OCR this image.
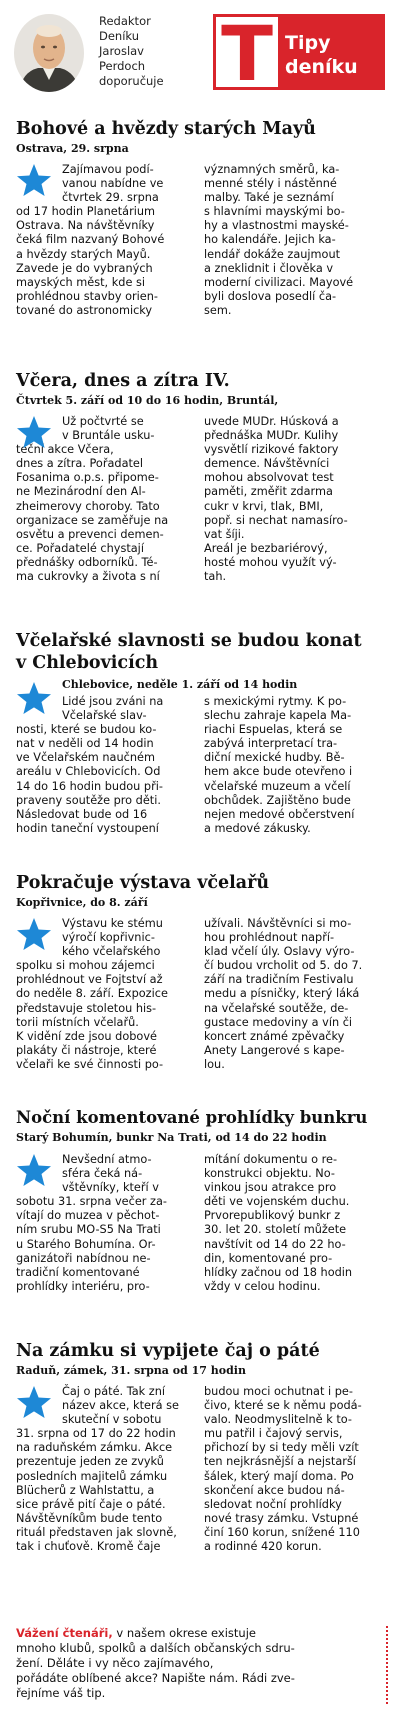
Redaktor
Deníku
Jaroslav
Perdoch
doporučuje T Tipy
deníku
Bohové a hvězdy starých Mayů
Ostrava, 29. srpna
Zajímavou podí-
vanou nabídne ve
čtvrtek 29. srpna
od 17 hodin Planetárium
Ostrava. Na návštěvníky
čeká film nazvaný Bohové
a hvězdy starých Mayů.
Zavede je do vybraných
mayských měst, kde si
prohlédnou stavby orien-
tované do astronomicky
významných směrů, ka-
menné stély i nástěnné
malby. Také je seznámí
s hlavními mayskými bo-
hy a vlastnostmi mayské-
ho kalendáře. Jejich ka-
lendář dokáže zaujmout
a zneklidnit i člověka v
moderní civilizaci. Mayové
byli doslova posedlí ča-
sem.
Včera, dnes a zítra IV.
Čtvrtek 5. září od 10 do 16 hodin, Bruntál,
Už počtvrté se
v Bruntále usku-
teční akce Včera,
dnes a zítra. Pořadatel
Fosanima o.p.s. připome-
ne Mezinárodní den Al-
zheimerovy choroby. Tato
organizace se zaměřuje na
osvětu a prevenci demen-
ce. Pořadatelé chystají
přednášky odborníků. Té-
ma cukrovky a života s ní
uvede MUDr. Húsková a
přednáška MUDr. Kulihy
vysvětlí rizikové faktory
demence. Návštěvníci
mohou absolvovat test
paměti, změřit zdarma
cukr v krvi, tlak, BMI,
popř. si nechat namasíro-
vat šíji.
Areál je bezbariérový,
hosté mohou využít vý-
tah.
Včelařské slavnosti se budou konat
v Chlebovicích
Chlebovice, neděle 1. září od 14 hodin
Lidé jsou zváni na
Včelařské slav-
nosti, které se budou ko-
nat v neděli od 14 hodin
ve Včelařském naučném
areálu v Chlebovicích. Od
14 do 16 hodin budou při-
praveny soutěže pro děti.
Následovat bude od 16
hodin taneční vystoupení
s mexickými rytmy. K po-
slechu zahraje kapela Ma-
riachi Espuelas, která se
zabývá interpretací tra-
diční mexické hudby. Bě-
hem akce bude otevřeno i
včelařské muzeum a včelí
obchůdek. Zajištěno bude
nejen medové občerstvení
a medové zákusky.
Pokračuje výstava včelařů
Kopřivnice, do 8. září
Výstavu ke stému
výročí kopřivnic-
kého včelařského
spolku si mohou zájemci
prohlédnout ve Fojtství až
do neděle 8. září. Expozice
představuje stoletou his-
torii místních včelařů.
K vidění zde jsou dobové
plakáty či nástroje, které
včelaři ke své činnosti po-
užívali. Návštěvníci si mo-
hou prohlédnout napří-
klad včelí úly. Oslavy výro-
čí budou vrcholit od 5. do 7.
září na tradičním Festivalu
medu a písničky, který láká
na včelařské soutěže, de-
gustace medoviny a vín či
koncert známé zpěvačky
Anety Langerové s kape-
lou.
Noční komentované prohlídky bunkru
Starý Bohumín, bunkr Na Trati, od 14 do 22 hodin
Nevšední atmo-
sféra čeká ná-
vštěvníky, kteří v
sobotu 31. srpna večer za-
vítají do muzea v pěchot-
ním srubu MO-S5 Na Trati
u Starého Bohumína. Or-
ganizátoři nabídnou ne-
tradiční komentované
prohlídky interiéru, pro-
mítání dokumentu o re-
konstrukci objektu. No-
vinkou jsou atrakce pro
děti ve vojenském duchu.
Prvorepublikový bunkr z
30. let 20. století můžete
navštívit od 14 do 22 ho-
din, komentované pro-
hlídky začnou od 18 hodin
vždy v celou hodinu.
Na zámku si vypijete čaj o páté
Raduň, zámek, 31. srpna od 17 hodin
Čaj o páté. Tak zní
název akce, která se
skuteční v sobotu
31. srpna od 17 do 22 hodin
na raduňském zámku. Akce
prezentuje jeden ze zvyků
posledních majitelů zámku
Blücherů z Wahlstattu, a
sice právě pití čaje o páté.
Návštěvníkům bude tento
rituál představen jak slovně,
tak i chuťově. Kromě čaje
budou moci ochutnat i pe-
čivo, které se k němu podá-
valo. Neodmyslitelně k to-
mu patřil i čajový servis,
přichozí by si tedy měli vzít
ten nejkrásnější a nejstarší
šálek, který mají doma. Po
skončení akce budou ná-
sledovat noční prohlídky
nové trasy zámku. Vstupné
činí 160 korun, snížené 110
a rodinné 420 korun.
Vážení čtenáři, v našem okrese existuje
mnoho klubů, spolků a dalších občanských sdru-
žení. Děláte i vy něco zajímavého,
pořádáte oblíbené akce? Napište nám. Rádi zve-
řejníme váš tip.
